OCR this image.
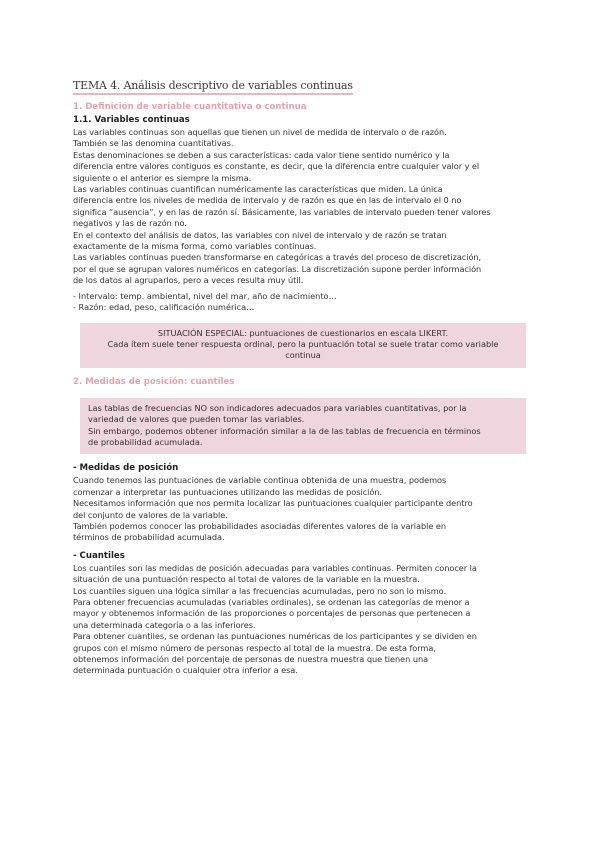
TEMA 4. Análisis descriptivo de variables continuas
1. Definición de variable cuantitativa o continua
1.1. Variables continuas
Las variables continuas son aquellas que tienen un nivel de medida de intervalo o de razón.
También se las denomina cuantitativas.
Estas denominaciones se deben a sus características: cada valor tiene sentido numérico y la
diferencia entre valores contiguos es constante, es decir, que la diferencia entre cualquier valor y el
siguiente o el anterior es siempre la misma.
Las variables continuas cuantifican numéricamente las características que miden. La única
diferencia entre los niveles de medida de intervalo y de razón es que en las de intervalo el 0 no
significa “ausencia”, y en las de razón sí. Básicamente, las variables de intervalo pueden tener valores
negativos y las de razón no.
En el contexto del análisis de datos, las variables con nivel de intervalo y de razón se tratan
exactamente de la misma forma, como variables continuas.
Las variables continuas pueden transformarse en categóricas a través del proceso de discretización,
por el que se agrupan valores numéricos en categorías. La discretización supone perder información
de los datos al agruparlos, pero a veces resulta muy útil.
- Intervalo: temp. ambiental, nivel del mar, año de nacimiento…
- Razón: edad, peso, calificación numérica…
SITUACIÓN ESPECIAL: puntuaciones de cuestionarios en escala LIKERT.
Cada ítem suele tener respuesta ordinal, pero la puntuación total se suele tratar como variable
continua
2. Medidas de posición: cuantiles
Las tablas de frecuencias NO son indicadores adecuados para variables cuantitativas, por la
variedad de valores que pueden tomar las variables.
Sin embargo, podemos obtener información similar a la de las tablas de frecuencia en términos
de probabilidad acumulada.
- Medidas de posición
Cuando tenemos las puntuaciones de variable continua obtenida de una muestra, podemos
comenzar a interpretar las puntuaciones utilizando las medidas de posición.
Necesitamos información que nos permita localizar las puntuaciones cualquier participante dentro
del conjunto de valores de la variable.
También podemos conocer las probabilidades asociadas diferentes valores de la variable en
términos de probabilidad acumulada.
- Cuantiles
Los cuantiles son las medidas de posición adecuadas para variables continuas. Permiten conocer la
situación de una puntuación respecto al total de valores de la variable en la muestra.
Los cuantiles siguen una lógica similar a las frecuencias acumuladas, pero no son lo mismo.
Para obtener frecuencias acumuladas (variables ordinales), se ordenan las categorías de menor a
mayor y obtenemos información de las proporciones o porcentajes de personas que pertenecen a
una determinada categoría o a las inferiores.
Para obtener cuantiles, se ordenan las puntuaciones numéricas de los participantes y se dividen en
grupos con el mismo número de personas respecto al total de la muestra. De esta forma,
obtenemos información del porcentaje de personas de nuestra muestra que tienen una
determinada puntuación o cualquier otra inferior a esa.
